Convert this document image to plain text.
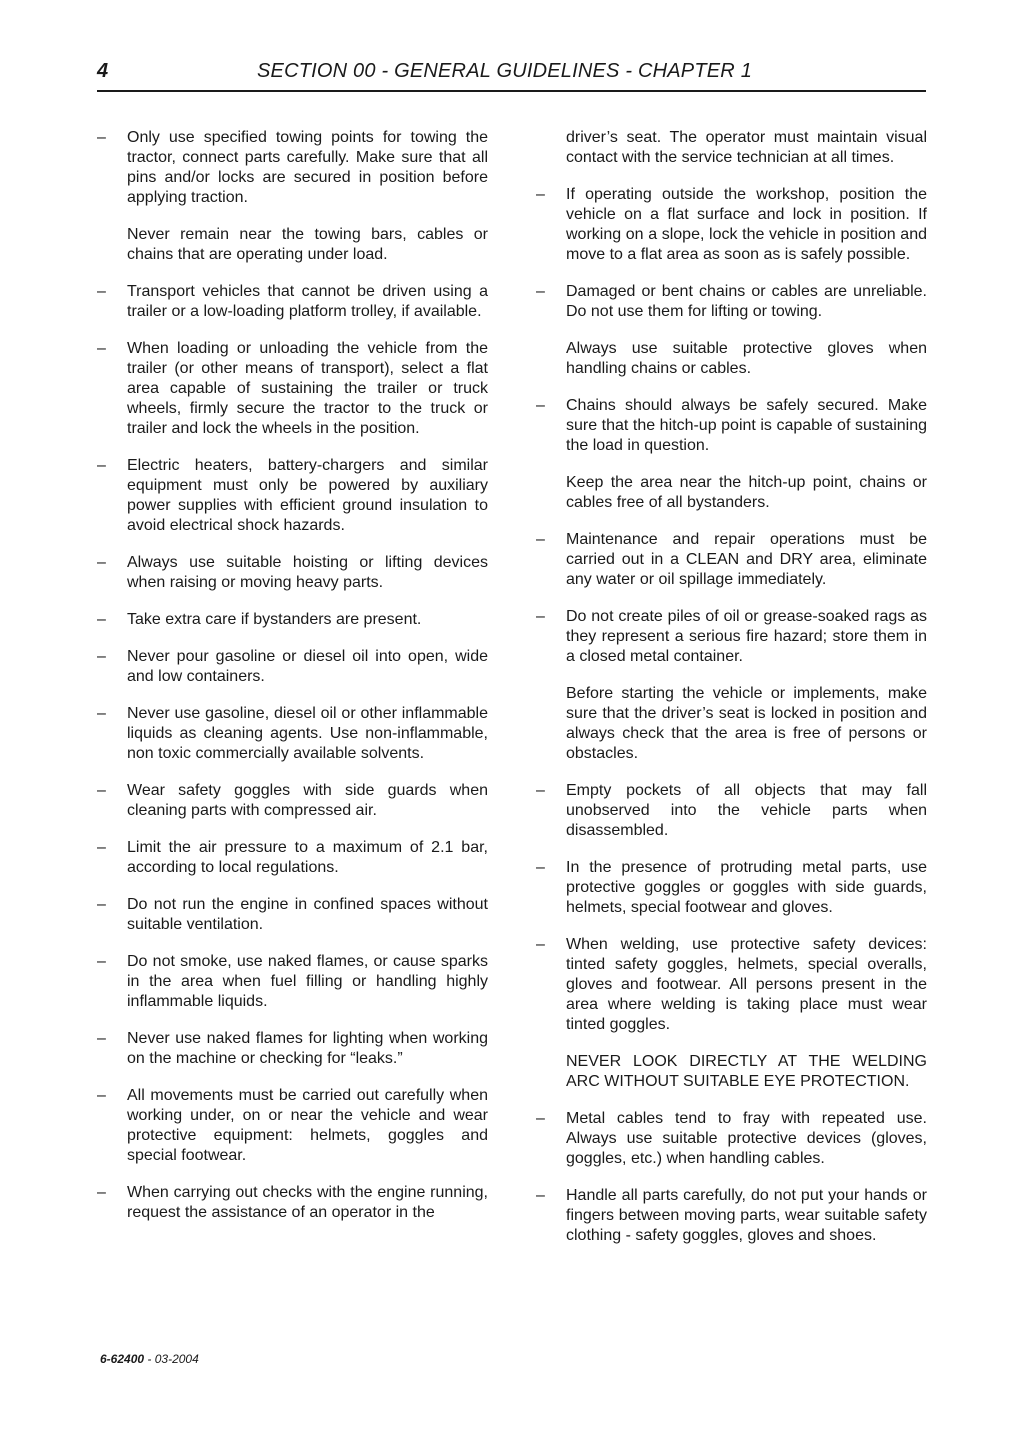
4	SECTION 00 - GENERAL GUIDELINES - CHAPTER 1
– Only use specified towing points for towing the tractor, connect parts carefully. Make sure that all pins and/or locks are secured in position before applying traction.
Never remain near the towing bars, cables or chains that are operating under load.
– Transport vehicles that cannot be driven using a trailer or a low-loading platform trolley, if available.
– When loading or unloading the vehicle from the trailer (or other means of transport), select a flat area capable of sustaining the trailer or truck wheels, firmly secure the tractor to the truck or trailer and lock the wheels in the position.
– Electric heaters, battery-chargers and similar equipment must only be powered by auxiliary power supplies with efficient ground insulation to avoid electrical shock hazards.
– Always use suitable hoisting or lifting devices when raising or moving heavy parts.
– Take extra care if bystanders are present.
– Never pour gasoline or diesel oil into open, wide and low containers.
– Never use gasoline, diesel oil or other inflammable liquids as cleaning agents. Use non-inflammable, non toxic commercially available solvents.
– Wear safety goggles with side guards when cleaning parts with compressed air.
– Limit the air pressure to a maximum of 2.1 bar, according to local regulations.
– Do not run the engine in confined spaces without suitable ventilation.
– Do not smoke, use naked flames, or cause sparks in the area when fuel filling or handling highly inflammable liquids.
– Never use naked flames for lighting when working on the machine or checking for “leaks.”
– All movements must be carried out carefully when working under, on or near the vehicle and wear protective equipment: helmets, goggles and special footwear.
– When carrying out checks with the engine running, request the assistance of an operator in the
driver’s seat. The operator must maintain visual contact with the service technician at all times.
– If operating outside the workshop, position the vehicle on a flat surface and lock in position. If working on a slope, lock the vehicle in position and move to a flat area as soon as is safely possible.
– Damaged or bent chains or cables are unreliable. Do not use them for lifting or towing.
Always use suitable protective gloves when handling chains or cables.
– Chains should always be safely secured. Make sure that the hitch-up point is capable of sustaining the load in question.
Keep the area near the hitch-up point, chains or cables free of all bystanders.
– Maintenance and repair operations must be carried out in a CLEAN and DRY area, eliminate any water or oil spillage immediately.
– Do not create piles of oil or grease-soaked rags as they represent a serious fire hazard; store them in a closed metal container.
Before starting the vehicle or implements, make sure that the driver’s seat is locked in position and always check that the area is free of persons or obstacles.
– Empty pockets of all objects that may fall unobserved into the vehicle parts when disassembled.
– In the presence of protruding metal parts, use protective goggles or goggles with side guards, helmets, special footwear and gloves.
– When welding, use protective safety devices: tinted safety goggles, helmets, special overalls, gloves and footwear. All persons present in the area where welding is taking place must wear tinted goggles.
NEVER LOOK DIRECTLY AT THE WELDING ARC WITHOUT SUITABLE EYE PROTECTION.
– Metal cables tend to fray with repeated use. Always use suitable protective devices (gloves, goggles, etc.) when handling cables.
– Handle all parts carefully, do not put your hands or fingers between moving parts, wear suitable safety clothing - safety goggles, gloves and shoes.
6-62400 - 03-2004
